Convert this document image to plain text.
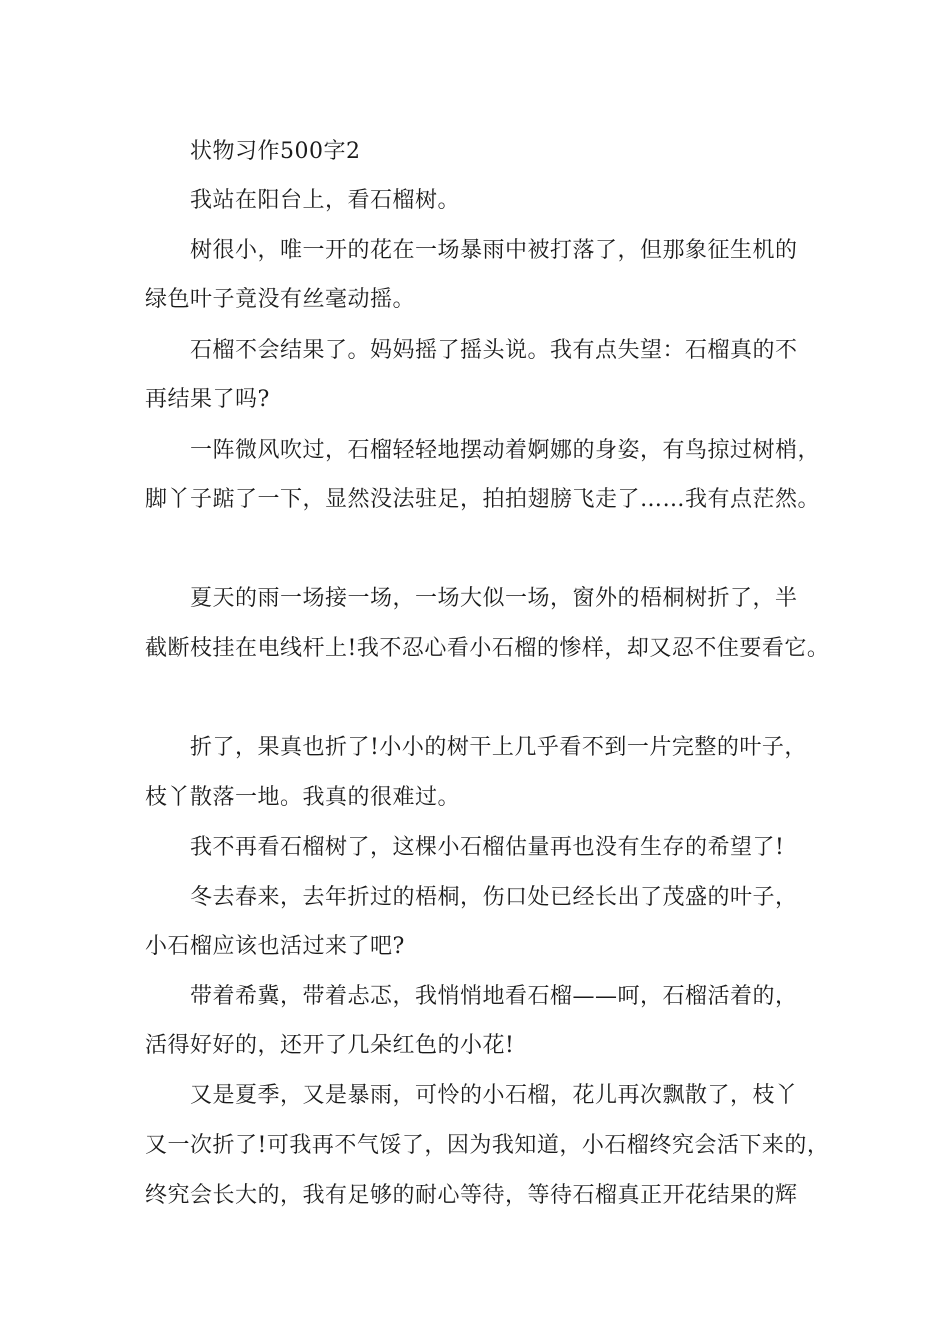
状物习作500字2
我站在阳台上，看石榴树。
树很小，唯一开的花在一场暴雨中被打落了，但那象征生机的
绿色叶子竟没有丝毫动摇。
石榴不会结果了。妈妈摇了摇头说。我有点失望：石榴真的不
再结果了吗?
一阵微风吹过，石榴轻轻地摆动着婀娜的身姿，有鸟掠过树梢，
脚丫子踮了一下，显然没法驻足，拍拍翅膀飞走了……我有点茫然。
夏天的雨一场接一场，一场大似一场，窗外的梧桐树折了，半
截断枝挂在电线杆上!我不忍心看小石榴的惨样，却又忍不住要看它。
折了，果真也折了!小小的树干上几乎看不到一片完整的叶子，
枝丫散落一地。我真的很难过。
我不再看石榴树了，这棵小石榴估量再也没有生存的希望了!
冬去春来，去年折过的梧桐，伤口处已经长出了茂盛的叶子，
小石榴应该也活过来了吧?
带着希冀，带着忐忑，我悄悄地看石榴——呵，石榴活着的，
活得好好的，还开了几朵红色的小花!
又是夏季，又是暴雨，可怜的小石榴，花儿再次飘散了，枝丫
又一次折了!可我再不气馁了，因为我知道，小石榴终究会活下来的，
终究会长大的，我有足够的耐心等待，等待石榴真正开花结果的辉
